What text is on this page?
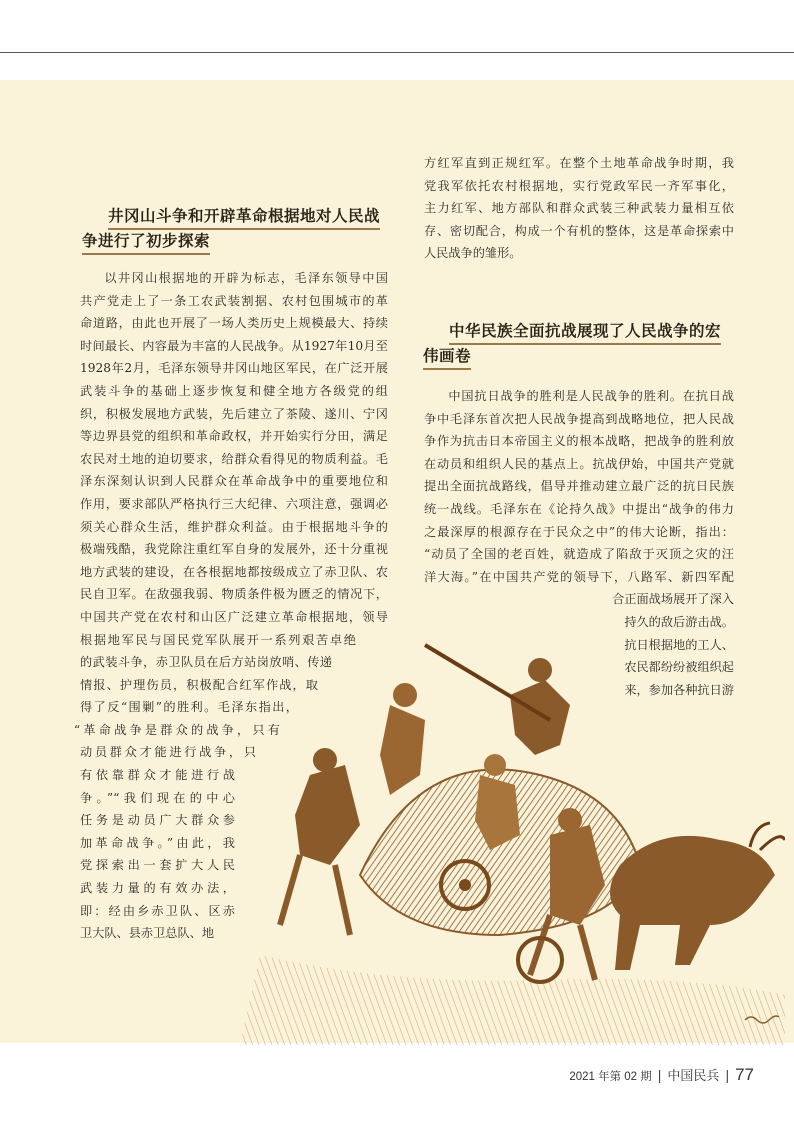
井冈山斗争和开辟革命根据地对人民战
争进行了初步探索
以井冈山根据地的开辟为标志，毛泽东领导中国
共产党走上了一条工农武装割据、农村包围城市的革
命道路，由此也开展了一场人类历史上规模最大、持续
时间最长、内容最为丰富的人民战争。从1927年10月至
1928年2月，毛泽东领导井冈山地区军民，在广泛开展
武装斗争的基础上逐步恢复和健全地方各级党的组
织，积极发展地方武装，先后建立了茶陵、遂川、宁冈
等边界县党的组织和革命政权，并开始实行分田，满足
农民对土地的迫切要求，给群众看得见的物质利益。毛
泽东深刻认识到人民群众在革命战争中的重要地位和
作用，要求部队严格执行三大纪律、六项注意，强调必
须关心群众生活，维护群众利益。由于根据地斗争的
极端残酷，我党除注重红军自身的发展外，还十分重视
地方武装的建设，在各根据地都按级成立了赤卫队、农
民自卫军。在敌强我弱、物质条件极为匮乏的情况下，
中国共产党在农村和山区广泛建立革命根据地，领导
根据地军民与国民党军队展开一系列艰苦卓绝
的武装斗争，赤卫队员在后方站岗放哨、传递
情报、护理伤员，积极配合红军作战，取
得了反“围剿”的胜利。毛泽东指出，
“革命战争是群众的战争，只有
动员群众才能进行战争，只
有依靠群众才能进行战
争。”“我们现在的中心
任务是动员广大群众参
加革命战争。”由此，我
党探索出一套扩大人民
武装力量的有效办法，
即：经由乡赤卫队、区赤
卫大队、县赤卫总队、地
方红军直到正规红军。在整个土地革命战争时期，我
党我军依托农村根据地，实行党政军民一齐军事化，
主力红军、地方部队和群众武装三种武装力量相互依
存、密切配合，构成一个有机的整体，这是革命探索中
人民战争的雏形。
中华民族全面抗战展现了人民战争的宏
伟画卷
中国抗日战争的胜利是人民战争的胜利。在抗日战
争中毛泽东首次把人民战争提高到战略地位，把人民战
争作为抗击日本帝国主义的根本战略，把战争的胜利放
在动员和组织人民的基点上。抗战伊始，中国共产党就
提出全面抗战路线，倡导并推动建立最广泛的抗日民族
统一战线。毛泽东在《论持久战》中提出“战争的伟力
之最深厚的根源存在于民众之中”的伟大论断，指出：
“动员了全国的老百姓，就造成了陷敌于灭顶之灾的汪
洋大海。”在中国共产党的领导下，八路军、新四军配
合正面战场展开了深入
持久的敌后游击战。
抗日根据地的工人、
农民都纷纷被组织起
来，参加各种抗日游
2021 年第 02 期 | 中国民兵 | 77
